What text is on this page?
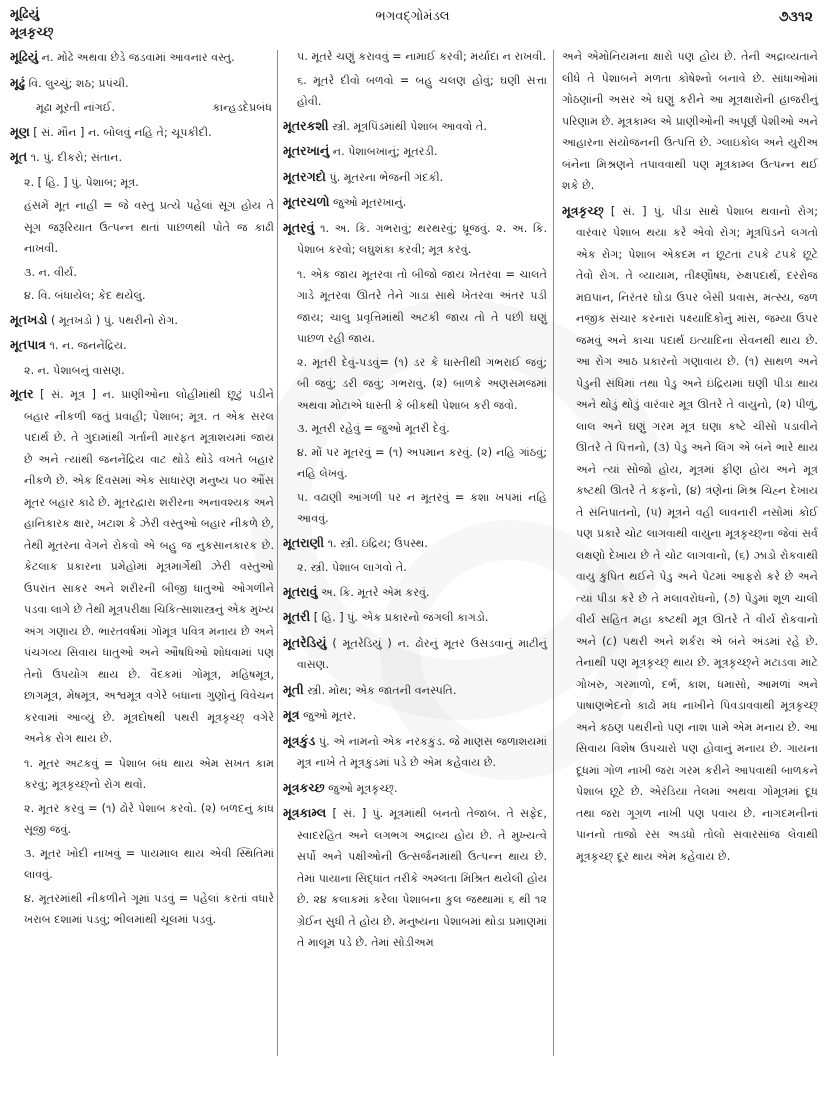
મૂઢિયું
મૂત્રકૃચ્છ્
ભગવદ્ગોમંડલ	૭૩૧૨
મૂઢિયું ન. મોઢે અથવા છેડે જડવામાં આવનાર વસ્તુ.
મૂઢું વિ. લુચ્ચું; શઠ; પ્રપંચી.
મૂઢા મૂરતી નાંગઈ.	કાન્હડદેપ્રબંધ
મૂણ [ સં. મૌન ] ન. બોલવું નહિ તે; ચૂપકીદી.
મૂત ૧. પું. દીકરો; સંતાન.
૨. [ હિ. ] પું. પેશાબ; મૂત્ર.
હંસમેં મૂત નાહીં = જે વસ્તુ પ્રત્યે પહેલાં સૂગ હોય તે સૂગ જરૂરિયાત ઉત્પન્ન થતાં પાછળથી પોતે જ કાઢી નાખવી.
૩. ન. વીર્ય.
૪. વિ. બંધાયેલ; કેદ થયેલું.
મૂતખડો ( મૂતખડો ) પું. પથરીનો રોગ.
મૂતપાત્ર ૧. ન. જનનેંદ્રિય.
૨. ન. પેશાબનું વાસણ.
મૂતર [ સં. મૂત્ર ] ન. પ્રાણીઓના લોહીમાંથી છૂટું પડીને બહાર નીકળી જતું પ્રવાહી; પેશાબ; મૂત્ર. ત એક સરલ પદાર્થ છે. તે ગુદામાંથી ગર્તાની મારફત મૂત્રાશયમાં જાય છે અને ત્યાંથી જનનેંદ્રિય વાટ થોડે થોડે વખતે બહાર નીકળે છે. એક દિવસમાં એક સાધારણ મનુષ્ય ૫૦ ઔંસ મૂતર બહાર કાઢે છે. મૂતરદ્વારા શરીરના અનાવશ્યક અને હાનિકારક ક્ષાર, ખટાશ કે ઝેરી વસ્તુઓ બહાર નીકળે છે, તેથી મૂતરના વેગને રોકવો એ બહુ જ નુકસાનકારક છે. કેટલાક પ્રકારના પ્રમેહોમાં મૂત્રમાર્ગેથી ઝેરી વસ્તુઓ ઉપરાંત સાકર અને શરીરની બીજી ધાતુઓ ઓગળીને પડવા લાગે છે તેથી મૂત્રપરીક્ષા ચિકિત્સાશાસ્ત્રનું એક મુખ્ય અંગ ગણાય છે. ભારતવર્ષમાં ગોમૂત્ર પવિત્ર મનાય છે અને પંચગવ્ય સિવાય ધાતુઓ અને ઔષધિઓ શોધવામાં પણ તેનો ઉપયોગ થાય છે. વૈદકમાં ગોમૂત્ર, મહિષમૂત્ર, છાગમૂત્ર, મેષમૂત્ર, અશ્વમૂત્ર વગેરે બધાના ગુણોનું વિવેચન કરવામાં આવ્યું છે. મૂત્રદોષથી પથરી મૂત્રકૃચ્છ્ વગેરે અનેક રોગ થાય છે.
૧. મૂતર અટકવું = પેશાબ બંધ થાય એમ સખત કામ કરવું; મૂત્રકૃચ્છ્નો રોગ થવો.
૨. મૂતર કરવું = (૧) ઢોરે પેશાબ કરવો. (૨) બળદનું કાંધ સૂજી જવું.
૩. મૂતર ખોદી નાખવું = પાયમાલ થાય એવી સ્થિતિમાં લાવવું.
૪. મૂતરમાંથી નીકળીને ગૂમાં પડવું = પહેલાં કરતાં વધારે ખરાબ દશામાં પડવું; ભીલમાંથી ચૂલમાં પડવું.
૫. મૂતરે ચણું કરાવવું = નામાઈ કરવી; મર્યાદા ન રાખવી.
૬. મૂતરે દીવો બળવો = બહુ ચલણ હોવું; ઘણી સત્તા હોવી.
મૂતરકશી સ્ત્રી. મૂત્રપિંડમાંથી પેશાબ આવવો તે.
મૂતરખાનું ન. પેશાબખાનું; મૂતરડી.
મૂતરગદો પું. મૂતરના ભેજની ગંદકી.
મૂતરચળો જુઓ મૂતરખાનું.
મૂતરવું ૧. અ. કિ. ગભરાવું; થરથરવું; ધ્રૂજવું. ૨. અ. કિ. પેશાબ કરવો; લઘુશંકા કરવી; મૂત્ર કરવું.
૧. એક જાય મૂતરવા તો બીજો જાય ખેતરવા = ચાલતે ગાડે મૂતરવા ઊતરે તેને ગાડા સાથે ખેતરવા અંતર પડી જાય; ચાલુ પ્રવૃત્તિમાંથી અટકી જાય તો તે પછી ઘણું પાછળ રહી જાય.
૨. મૂતરી દેવું-પડવું= (૧) ડર કે ધાસ્તીથી ગભરાઈ જવું; બી જવું; ડરી જવું; ગભરાવું. (૨) બાળકે અણસમજમાં અથવા મોટાએ ધાસ્તી કે બીકથી પેશાબ કરી જવો.
૩. મૂતરી રહેવું = જુઓ મૂતરી દેવું.
૪. મોં પર મૂતરવું = (૧) અપમાન કરવું. (૨) નહિ ગાંઠવું; નહિ લેખવું.
૫. વઢાણી આંગળી પર ન મૂતરવું = કશા ખપમાં નહિ આવવું.
મૂતરાણી ૧. સ્ત્રી. ઇંદ્રિય; ઉપસ્થ.
૨. સ્ત્રી. પેશાબ લાગવો તે.
મૂતરાવું અ. કિ. મૂતરે એમ કરવું.
મૂતરી [ હિ. ] પું. એક પ્રકારનો જંગલી કાગડો.
મૂતરેડિયું ( મૂતરેડિયું ) ન. ઢોરનું મૂતર ઉસડવાનું માટીનું વાસણ.
મૂતી સ્ત્રી. મોથ; એક જાતની વનસ્પતિ.
મૂત્ર જુઓ મૂતર.
મૂત્રકુંડ પું. એ નામનો એક નરકકુંડ. જે માણસ જળાશયમાં મૂત્ર નાખે તે મૂત્રકુંડમાં પડે છે એમ કહેવાય છે.
મૂત્રકચ્છ જુઓ મૂત્રકૃચ્છ્.
મૂત્રકામ્લ [ સં. ] પું. મૂત્રમાંથી બનતો તેજાબ. તે સફેદ, સ્વાદરહિત અને લગભગ અદ્રાવ્ય હોય છે. તે મુખ્યત્વે સર્પો અને પક્ષીઓની ઉત્સર્જનમાંથી ઉત્પન્ન થાય છે. તેમાં પાયાના સિદ્ધાંત તરીકે અમ્લતા મિશ્રિત થયેલી હોય છે. ૨૪ કલાકમાં કરેલા પેશાબના કુલ જથ્થામાં ૬ થી ૧૨ ગ્રેઈન સુધી તે હોય છે. મનુષ્યના પેશાબમાં થોડા પ્રમાણમાં તે માલૂમ પડે છે. તેમાં સોડીઅમ
અને એમોનિયમના ક્ષારો પણ હોય છે. તેની અદ્રાવ્યતાને લીધે તે પેશાબને મળતા કોષેશ્નો બનાવે છે. સાંધાઓમાં ગોઠણાંની અસર એ ઘણું કરીને આ મૂત્રક્ષારોની હાજરીનું પરિણામ છે. મૂત્રકામ્લ એ પ્રાણીઓની અપૂર્ણ પેશીઓ અને આહારના સંયોજનની ઉત્પત્તિ છે. ગ્લાઇકોલ અને યુરીઅ બંનેના મિશ્રણને તપાવવાથી પણ મૂત્રકામ્લ ઉત્પન્ન થઈ શકે છે.
મૂત્રકૃચ્છ્ [ સં. ] પું. પીડા સાથે પેશાબ થવાનો રોગ; વારંવાર પેશાબ થયા કરે એવો રોગ; મૂત્રપિંડને લગતો એક રોગ; પેશાબ એકદમ ન છૂટતાં ટપકે ટપકે છૂટે તેવો રોગ. તે વ્યાયામ, તીક્ષ્ણૌષધ, રુક્ષપદાર્થ, દરરોજ મદ્યપાન, નિરંતર ઘોડા ઉપર બેસી પ્રવાસ, મત્સ્ય, જળ નજીક સંચાર કરનારાં પક્ષ્યાદિકોનું માંસ, જમ્યા ઉપર જમવું અને કાચા પદાર્થ ઇત્યાદિના સેવનથી થાય છે. આ રોગ આઠ પ્રકારનો ગણાવાય છે. (૧) સાથળ અને પેડુની સંધિમાં તથા પેડુ અને ઇંદ્રિયમાં ઘણી પીડા થાય અને થોડું થોડું વારંવાર મૂત્ર ઊતરે તે વાયુનો, (૨) પીળું, લાલ અને ઘણું ગરમ મૂત્ર ઘણા કષ્ટે ચીસો પડાવીને ઊતરે તે પિત્તનો, (૩) પેડુ અને લિંગ એ બંને ભારે થાય અને ત્યાં સોજો હોય, મૂત્રમાં ફીણ હોય અને મૂત્ર કષ્ટથી ઊતરે તે કફનો, (૪) ત્રણેનાં મિશ્ર ચિહ્ન દેખાય તે સંનિપાતનો, (૫) મૂત્રને વહી લાવનારી નસોમાં કોઈ પણ પ્રકારે ચોટ લાગવાથી વાયુના મૂત્રકૃચ્છ્ના જેવાં સર્વ લક્ષણો દેખાય છે તે ચોટ લાગવાનો, (૬) ઝાડો રોકવાથી વાયુ કુપિત થઈને પેડુ અને પેટમાં આફરો કરે છે અને ત્યાં પીડા કરે છે તે મલાવરોધનો, (૭) પેડુમાં શૂળ ચાલી વીર્ય સહિત મહા કષ્ટથી મૂત્ર ઊતરે તે વીર્ય રોકવાનો અને (૮) પથરી અને શર્કરા એ બંને અંડમાં રહે છે. તેનાથી પણ મૂત્રકૃચ્છ્ થાય છે. મૂત્રકૃચ્છ્ને મટાડવા માટે ગોખરુ, ગરમાળો, દર્ભ, કાશ, ધમાસો, આમળાં અને પાષાણભેદનો કાઢો મધ નાખીને પિવડાવવાથી મૂત્રકૃચ્છ્ અને કઠણ પથરીનો પણ નાશ પામે એમ મનાય છે. આ સિવાય વિશેષ ઉપચારો પણ હોવાનું મનાય છે. ગાયના દૂધમાં ગોળ નાખી જરા ગરમ કરીને આપવાથી બાળકને પેશાબ છૂટે છે. એરંડિયા તેલમાં અથવા ગોમૂત્રમાં દૂધ તથા જરા ગૂગળ નાખી પણ પવાય છે. નાગદમનીનાં પાનનો તાજો રસ અડધો તોલો સવારસાંજ લેવાથી મૂત્રકૃચ્છ્ દૂર થાય એમ કહેવાય છે.
